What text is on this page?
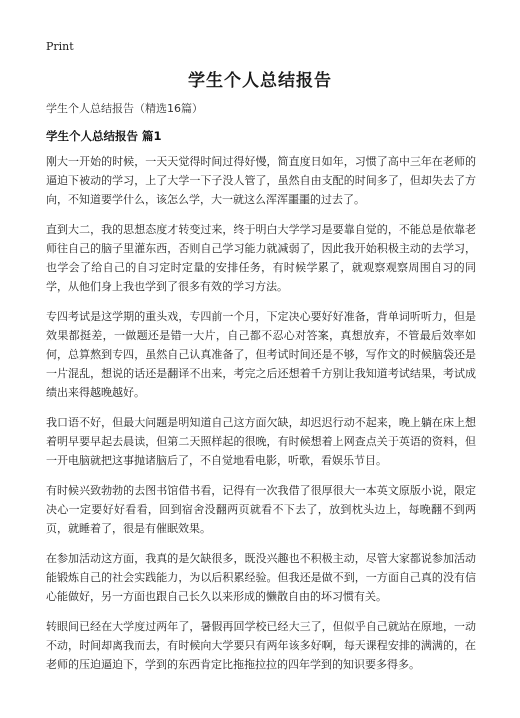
Print
学生个人总结报告
学生个人总结报告（精选16篇）
学生个人总结报告 篇1

刚大一开始的时候，一天天觉得时间过得好慢，简直度日如年，习惯了高中三年在老师的逼迫下被动的学习，上了大学一下子没人管了，虽然自由支配的时间多了，但却失去了方向，不知道要学什么，该怎么学，大一就这么浑浑噩噩的过去了。

直到大二，我的思想态度才转变过来，终于明白大学学习是要靠自觉的，不能总是依靠老师往自己的脑子里灌东西，否则自己学习能力就减弱了，因此我开始积极主动的去学习，也学会了给自己的自习定时定量的安排任务，有时候学累了，就观察观察周围自习的同学，从他们身上我也学到了很多有效的学习方法。

专四考试是这学期的重头戏，专四前一个月，下定决心要好好准备，背单词听听力，但是效果都挺差，一做题还是错一大片，自己都不忍心对答案，真想放弃，不管最后效率如何，总算熬到专四，虽然自己认真准备了，但考试时间还是不够，写作文的时候脑袋还是一片混乱，想说的话还是翻译不出来，考完之后还想着千方别让我知道考试结果，考试成绩出来得越晚越好。

我口语不好，但最大问题是明知道自己这方面欠缺，却迟迟行动不起来，晚上躺在床上想着明早要早起去晨读，但第二天照样起的很晚，有时候想着上网查点关于英语的资料，但一开电脑就把这事抛诸脑后了，不自觉地看电影，听歌，看娱乐节目。

有时候兴致勃勃的去图书馆借书看，记得有一次我借了很厚很大一本英文原版小说，限定决心一定要好好看看，回到宿舍没翻两页就看不下去了，放到枕头边上，每晚翻不到两页，就睡着了，很是有催眠效果。

在参加活动这方面，我真的是欠缺很多，既没兴趣也不积极主动，尽管大家都说参加活动能锻炼自己的社会实践能力，为以后积累经验。但我还是做不到，一方面自己真的没有信心能做好，另一方面也跟自己长久以来形成的懒散自由的坏习惯有关。

转眼间已经在大学度过两年了，暑假再回学校已经大三了，但似乎自己就站在原地，一动不动，时间却离我而去，有时候向大学要只有两年该多好啊，每天课程安排的满满的，在老师的压迫逼迫下，学到的东西肯定比拖拖拉拉的四年学到的知识要多得多。
